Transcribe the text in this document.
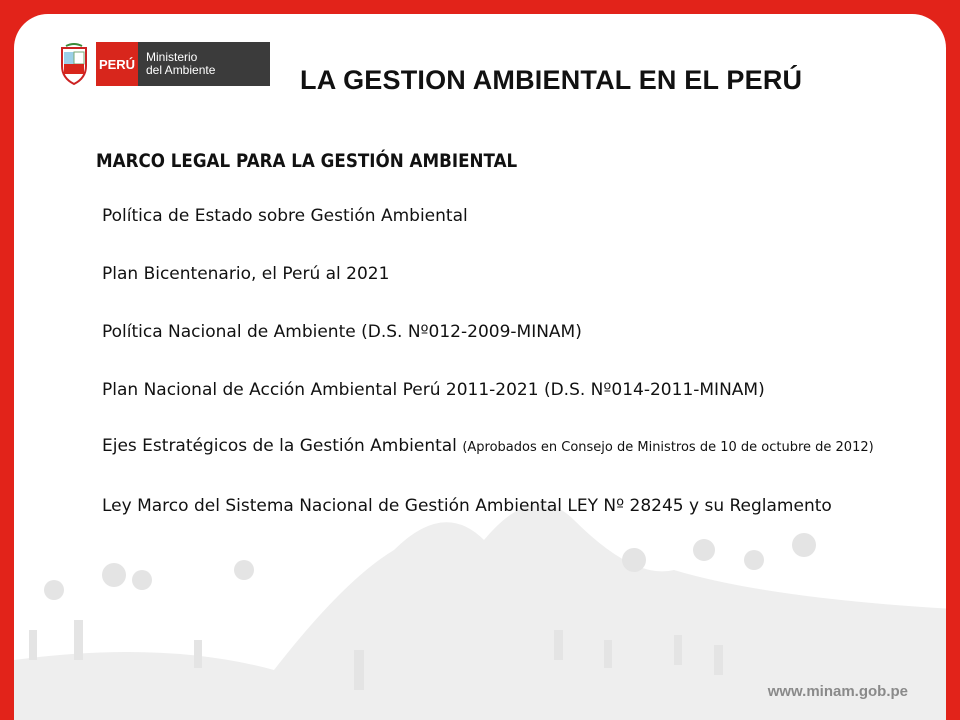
PERÚ Ministerio
del Ambiente	LA GESTION AMBIENTAL EN EL PERÚ
MARCO LEGAL PARA LA GESTIÓN AMBIENTAL
Política de Estado sobre Gestión Ambiental
Plan Bicentenario, el Perú al 2021
Política Nacional de Ambiente (D.S. Nº012-2009-MINAM)
Plan Nacional de Acción Ambiental Perú 2011-2021 (D.S. Nº014-2011-MINAM)
Ejes Estratégicos de la Gestión Ambiental (Aprobados en Consejo de Ministros de 10 de octubre de 2012)
Ley Marco del Sistema Nacional de Gestión Ambiental LEY Nº 28245 y su Reglamento
www.minam.gob.pe
